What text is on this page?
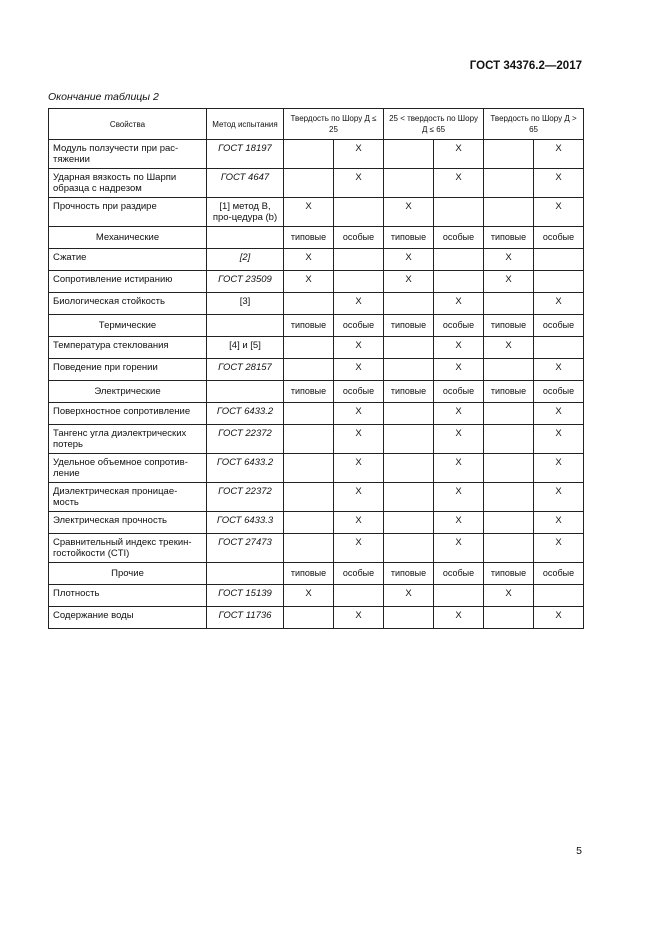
ГОСТ 34376.2—2017
Окончание таблицы 2
Свойства	Метод испытания	Твердость по Шору Д ≤ 25		25 < твердость по Шору Д ≤ 65		Твердость по Шору Д > 65	
Модуль ползучести при рас-тяжении	ГОСТ 18197		X		X		X
Ударная вязкость по Шарпи образца с надрезом	ГОСТ 4647		X		X		X
Прочность при раздире	[1] метод В, про-цедура (b)	X		X			X
Механические		типовые	особые	типовые	особые	типовые	особые
Сжатие	[2]	X		X		X	
Сопротивление истиранию	ГОСТ 23509	X		X		X	
Биологическая стойкость	[3]		X		X		X
Термические		типовые	особые	типовые	особые	типовые	особые
Температура стеклования	[4] и [5]		X		X	X	
Поведение при горении	ГОСТ 28157		X		X		X
Электрические		типовые	особые	типовые	особые	типовые	особые
Поверхностное сопротивление	ГОСТ 6433.2		X		X		X
Тангенс угла диэлектрических потерь	ГОСТ 22372		X		X		X
Удельное объемное сопротив-ление	ГОСТ 6433.2		X		X		X
Диэлектрическая проницае-мость	ГОСТ 22372		X		X		X
Электрическая прочность	ГОСТ 6433.3		X		X		X
Сравнительный индекс трекин-гостойкости (CTI)	ГОСТ 27473		X		X		X
Прочие		типовые	особые	типовые	особые	типовые	особые
Плотность	ГОСТ 15139	X		X		X	
Содержание воды	ГОСТ 11736		X		X		X
5
